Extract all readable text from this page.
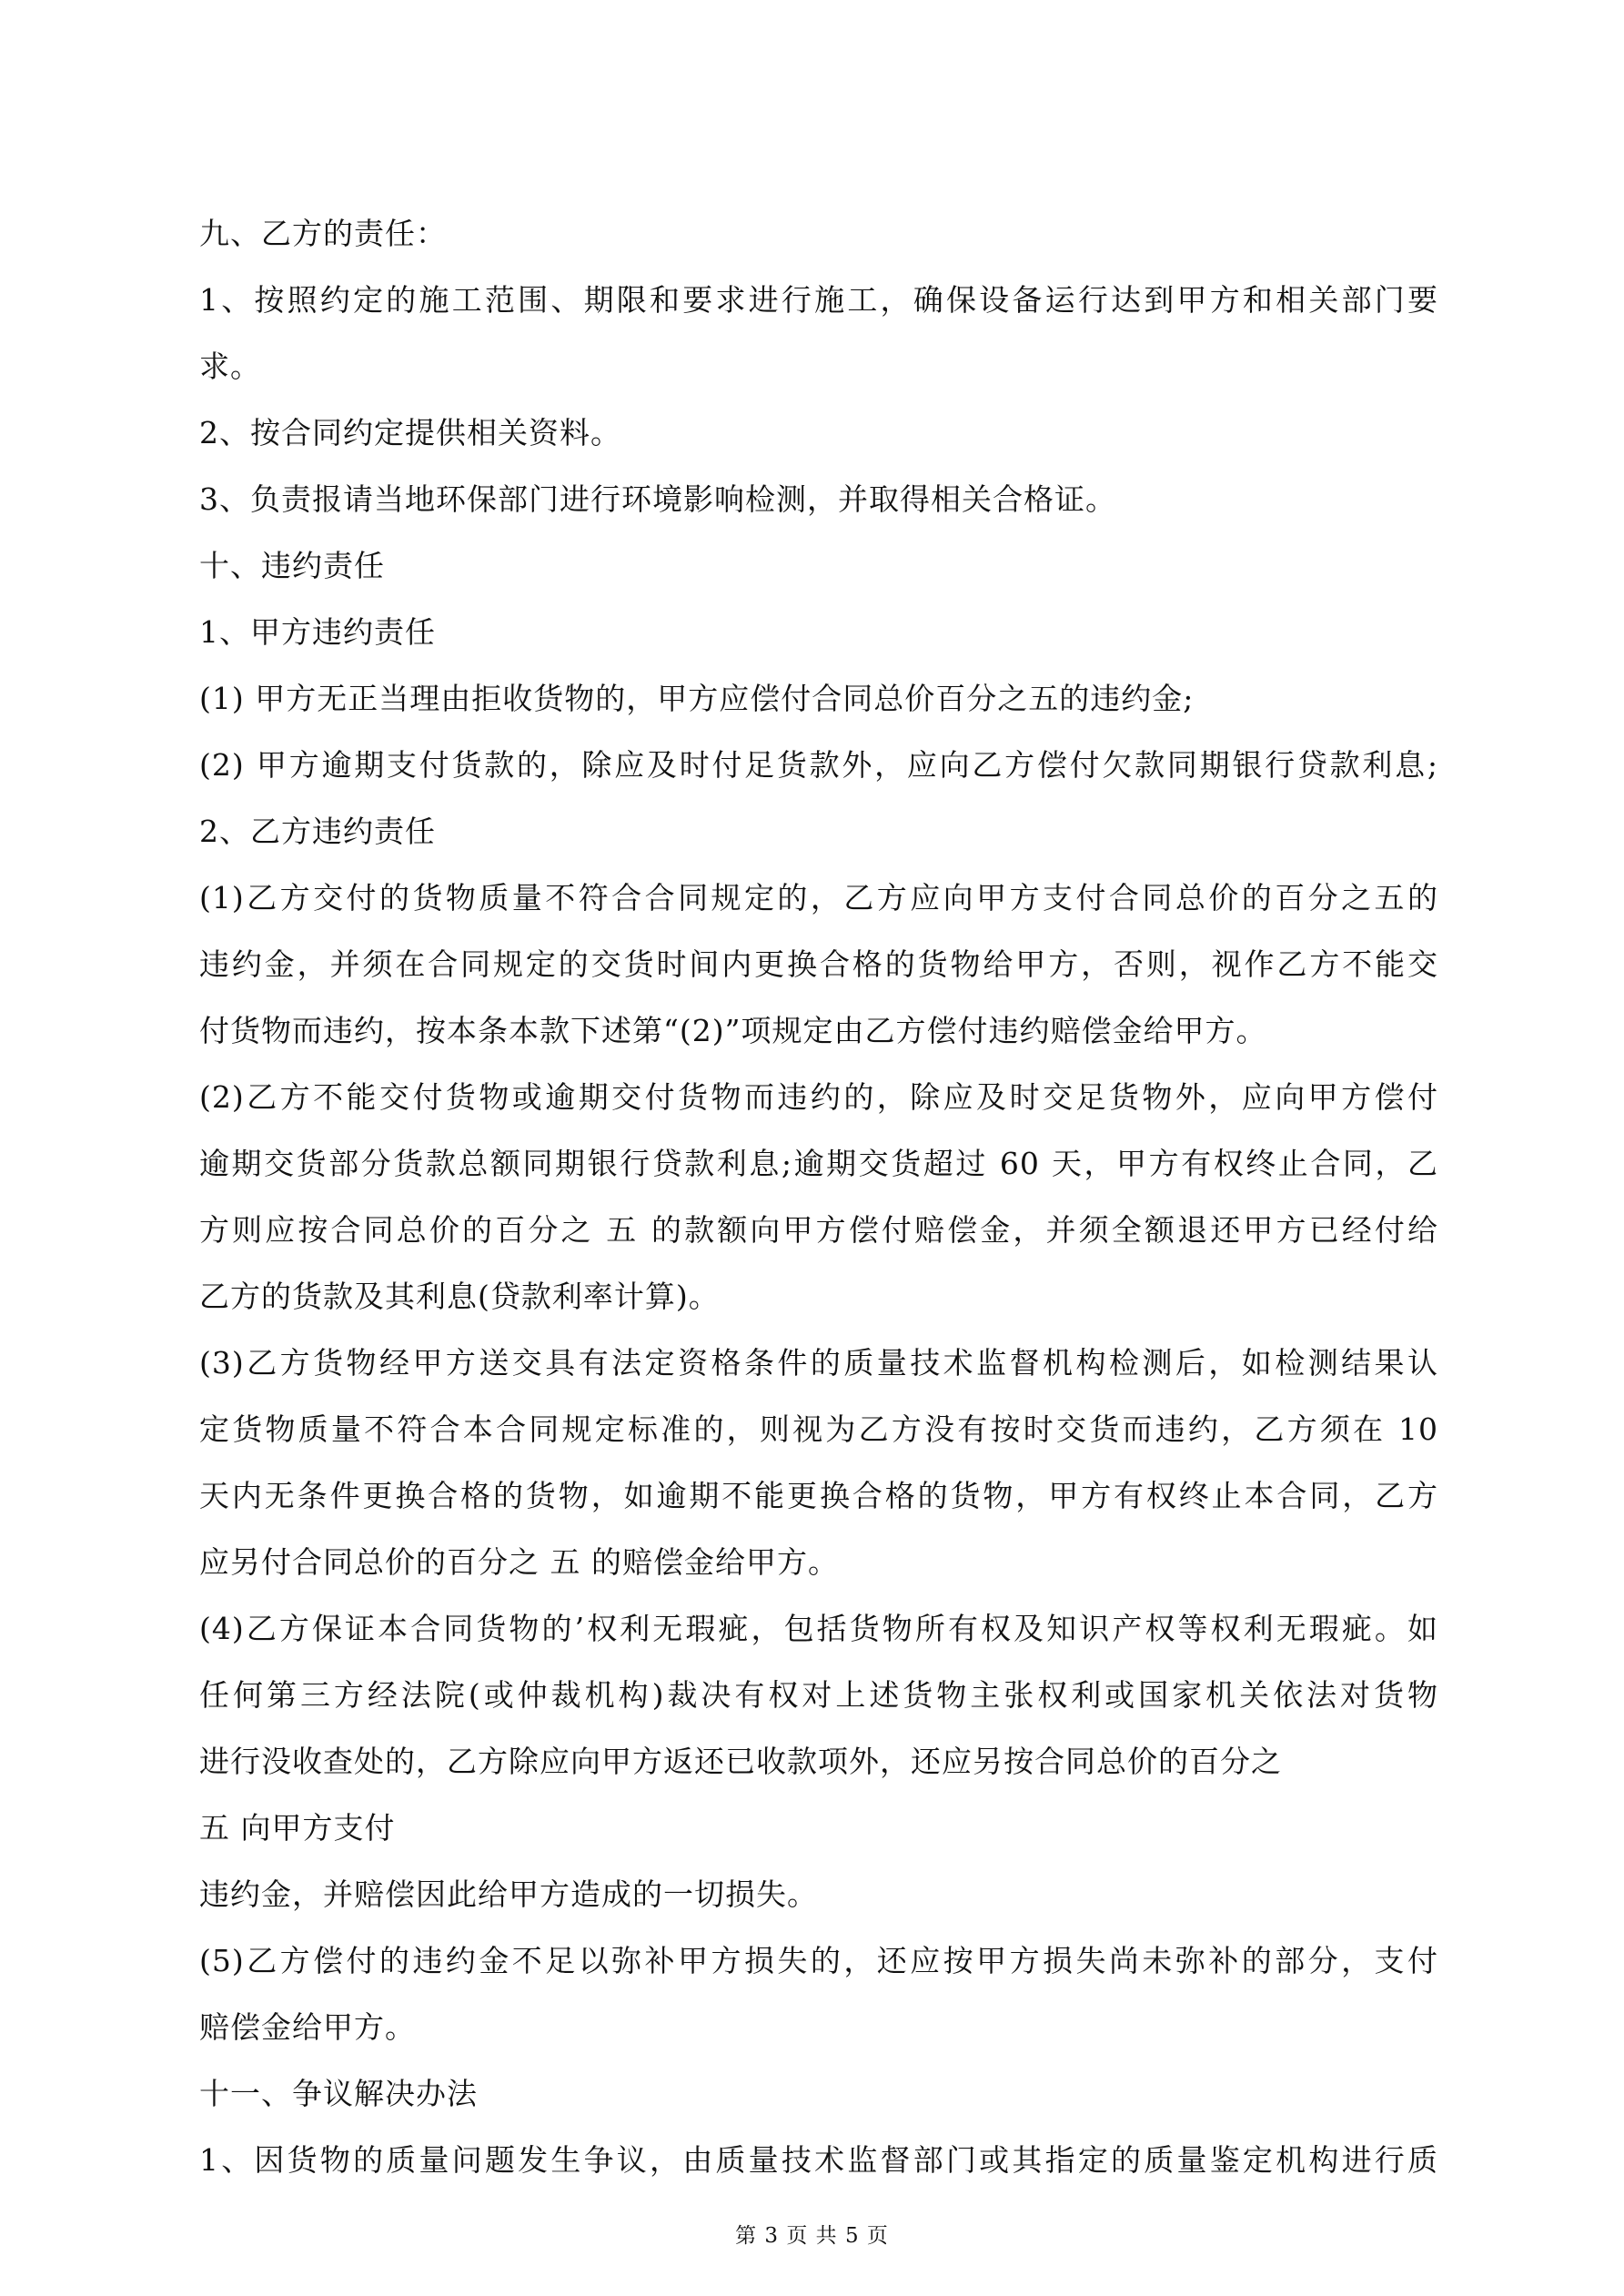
九、乙方的责任：
1、按照约定的施工范围、期限和要求进行施工，确保设备运行达到甲方和相关部门要
求。
2、按合同约定提供相关资料。
3、负责报请当地环保部门进行环境影响检测，并取得相关合格证。
十、违约责任
1、甲方违约责任
(1) 甲方无正当理由拒收货物的，甲方应偿付合同总价百分之五的违约金;
(2) 甲方逾期支付货款的，除应及时付足货款外，应向乙方偿付欠款同期银行贷款利息;
2、乙方违约责任
(1)乙方交付的货物质量不符合合同规定的，乙方应向甲方支付合同总价的百分之五的
违约金，并须在合同规定的交货时间内更换合格的货物给甲方，否则，视作乙方不能交
付货物而违约，按本条本款下述第“(2)”项规定由乙方偿付违约赔偿金给甲方。
(2)乙方不能交付货物或逾期交付货物而违约的，除应及时交足货物外，应向甲方偿付
逾期交货部分货款总额同期银行贷款利息;逾期交货超过 60 天，甲方有权终止合同，乙
方则应按合同总价的百分之 五 的款额向甲方偿付赔偿金，并须全额退还甲方已经付给
乙方的货款及其利息(贷款利率计算)。
(3)乙方货物经甲方送交具有法定资格条件的质量技术监督机构检测后，如检测结果认
定货物质量不符合本合同规定标准的，则视为乙方没有按时交货而违约，乙方须在 10
天内无条件更换合格的货物，如逾期不能更换合格的货物，甲方有权终止本合同，乙方
应另付合同总价的百分之 五 的赔偿金给甲方。
(4)乙方保证本合同货物的’权利无瑕疵，包括货物所有权及知识产权等权利无瑕疵。如
任何第三方经法院(或仲裁机构)裁决有权对上述货物主张权利或国家机关依法对货物
进行没收查处的，乙方除应向甲方返还已收款项外，还应另按合同总价的百分之
五 向甲方支付
违约金，并赔偿因此给甲方造成的一切损失。
(5)乙方偿付的违约金不足以弥补甲方损失的，还应按甲方损失尚未弥补的部分，支付
赔偿金给甲方。
十一、争议解决办法
1、因货物的质量问题发生争议，由质量技术监督部门或其指定的质量鉴定机构进行质
第 3 页 共 5 页
